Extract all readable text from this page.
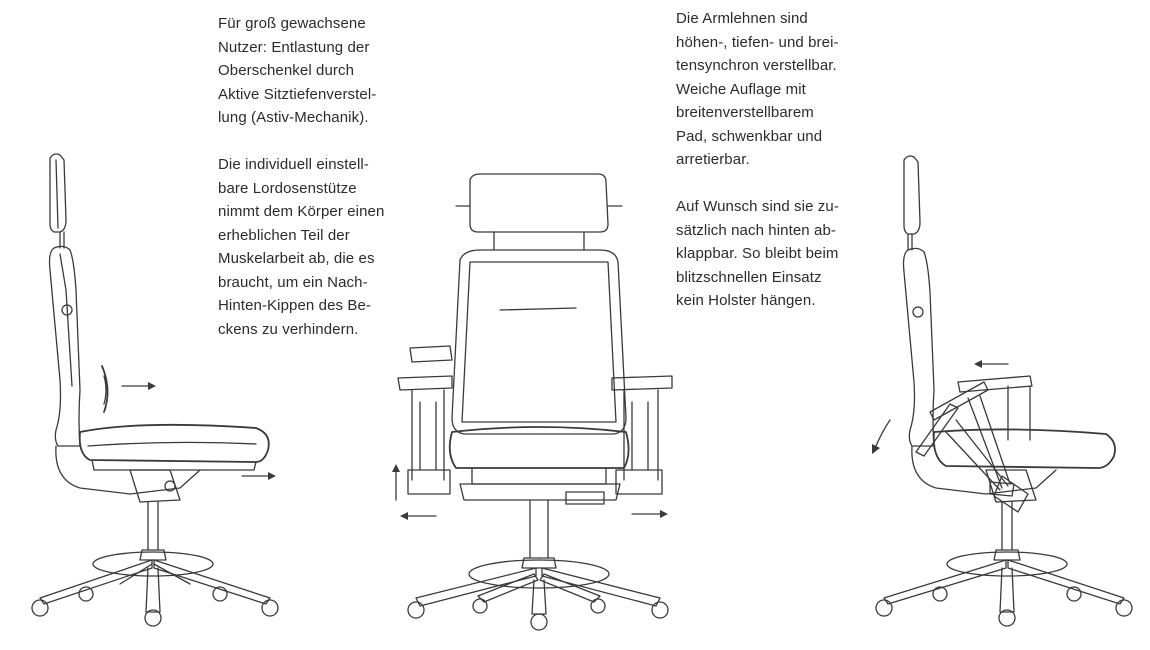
Für groß gewachsene
Nutzer: Entlastung der
Oberschenkel durch
Aktive Sitztiefenverstel-
lung (Astiv-Mechanik).

Die individuell einstell-
bare Lordosenstütze
nimmt dem Körper einen
erheblichen Teil der
Muskelarbeit ab, die es
braucht, um ein Nach-
Hinten-Kippen des Be-
ckens zu verhindern.

Die Armlehnen sind
höhen-, tiefen- und brei-
tensynchron verstellbar.
Weiche Auflage mit
breitenverstellbarem
Pad, schwenkbar und
arretierbar.

Auf Wunsch sind sie zu-
sätzlich nach hinten ab-
klappbar. So bleibt beim
blitzschnellen Einsatz
kein Holster hängen.
